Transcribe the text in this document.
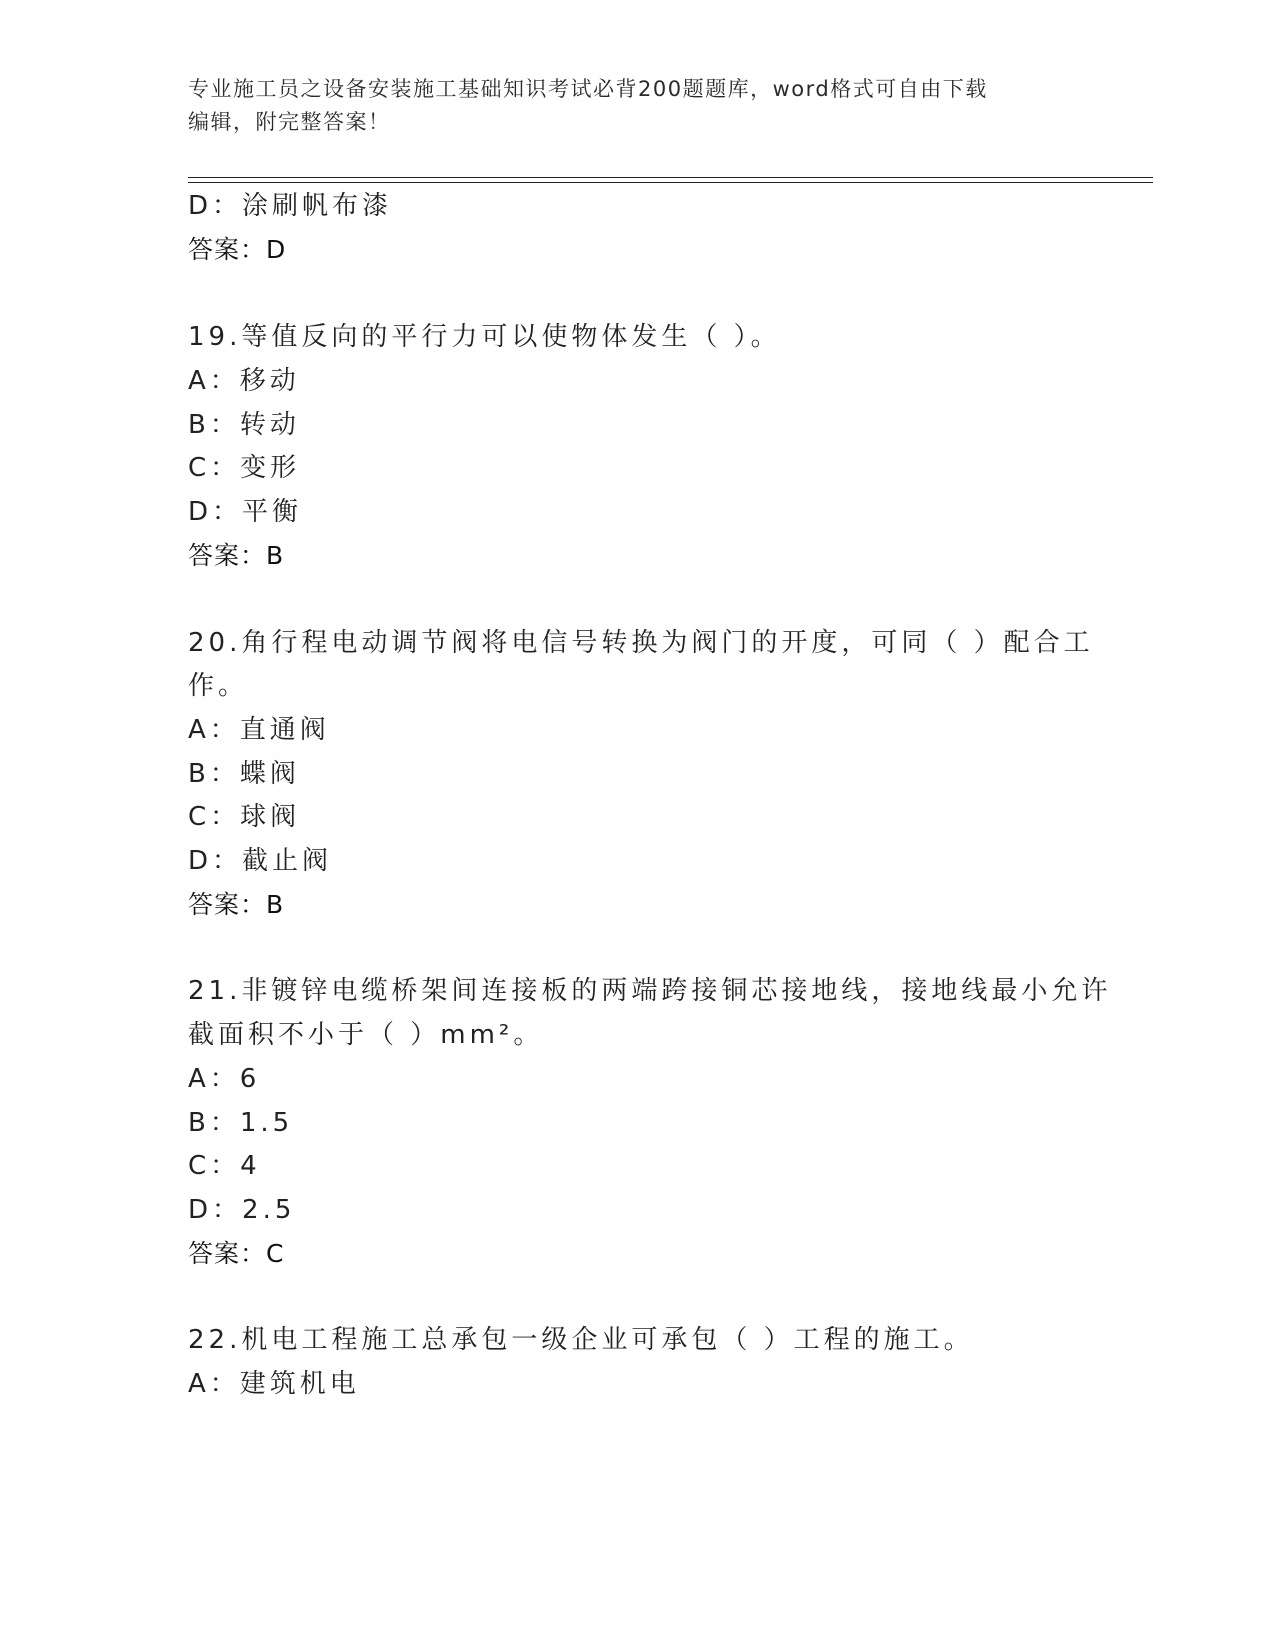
专业施工员之设备安装施工基础知识考试必背200题题库，word格式可自由下载
编辑，附完整答案！
D：涂刷帆布漆
答案：D
19.等值反向的平行力可以使物体发生（ ）。
A：移动
B：转动
C：变形
D：平衡
答案：B
20.角行程电动调节阀将电信号转换为阀门的开度，可同（ ）配合工
作。
A：直通阀
B：蝶阀
C：球阀
D：截止阀
答案：B
21.非镀锌电缆桥架间连接板的两端跨接铜芯接地线，接地线最小允许
截面积不小于（ ）mm²。
A：6
B：1.5
C：4
D：2.5
答案：C
22.机电工程施工总承包一级企业可承包（ ）工程的施工。
A：建筑机电
